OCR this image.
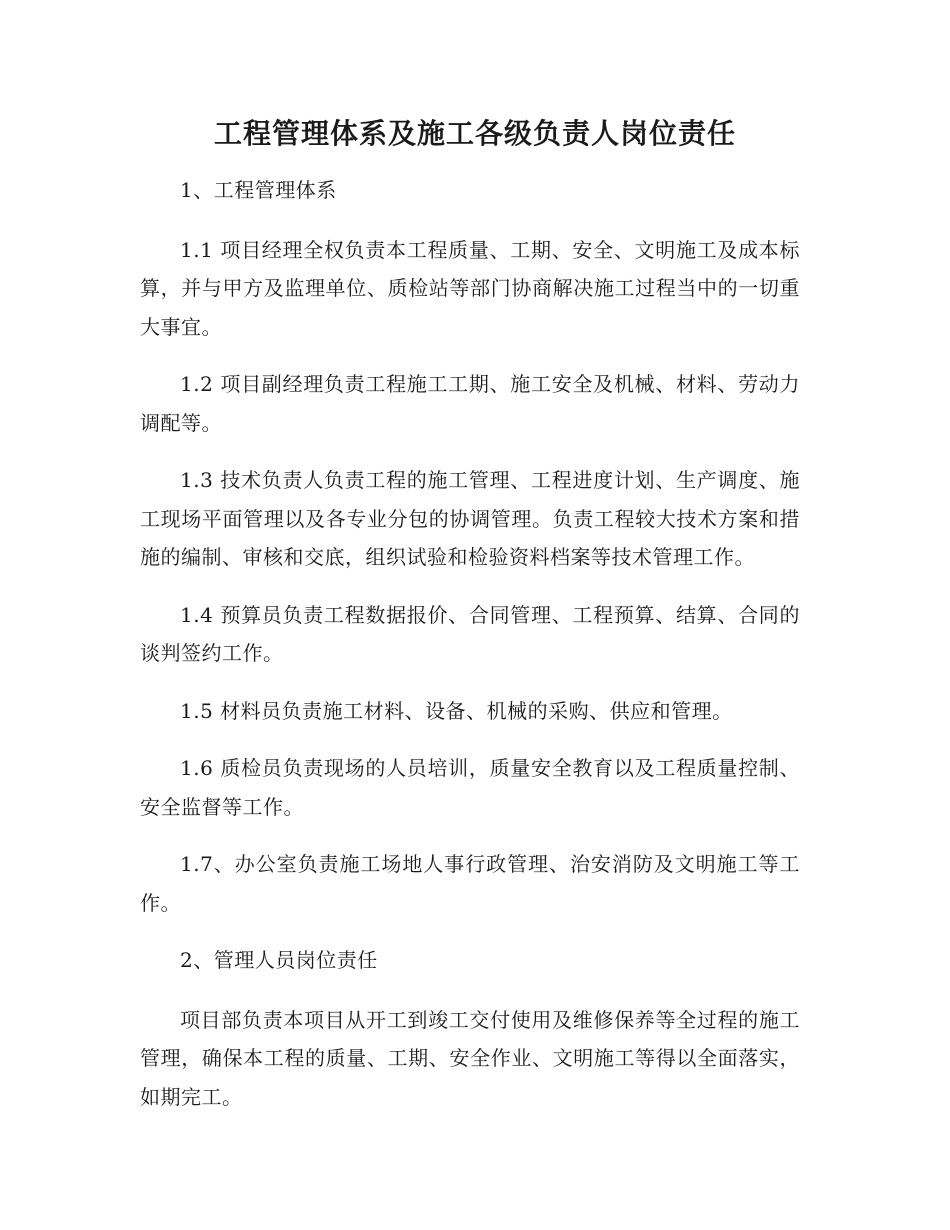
工程管理体系及施工各级负责人岗位责任

1、工程管理体系

1.1 项目经理全权负责本工程质量、工期、安全、文明施工及成本标算，并与甲方及监理单位、质检站等部门协商解决施工过程当中的一切重大事宜。

1.2 项目副经理负责工程施工工期、施工安全及机械、材料、劳动力调配等。

1.3 技术负责人负责工程的施工管理、工程进度计划、生产调度、施工现场平面管理以及各专业分包的协调管理。负责工程较大技术方案和措施的编制、审核和交底，组织试验和检验资料档案等技术管理工作。

1.4 预算员负责工程数据报价、合同管理、工程预算、结算、合同的谈判签约工作。

1.5 材料员负责施工材料、设备、机械的采购、供应和管理。

1.6 质检员负责现场的人员培训，质量安全教育以及工程质量控制、安全监督等工作。

1.7、办公室负责施工场地人事行政管理、治安消防及文明施工等工作。

2、管理人员岗位责任

项目部负责本项目从开工到竣工交付使用及维修保养等全过程的施工管理，确保本工程的质量、工期、安全作业、文明施工等得以全面落实，如期完工。
